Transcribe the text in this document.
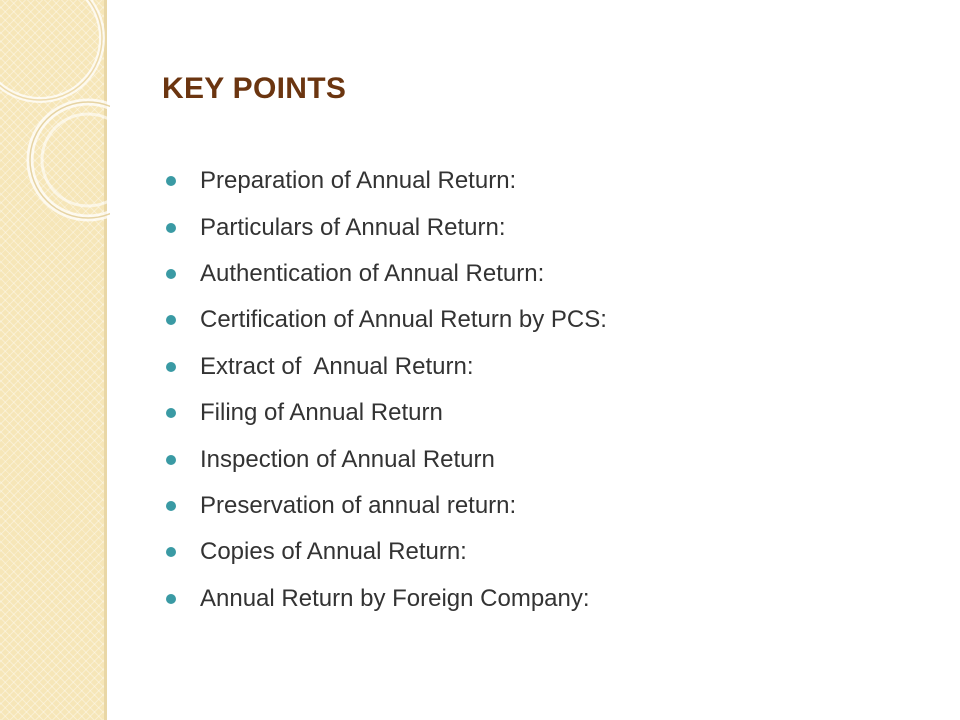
KEY POINTS
Preparation of Annual Return:
Particulars of Annual Return:
Authentication of Annual Return:
Certification of Annual Return by PCS:
Extract of  Annual Return:
Filing of Annual Return
Inspection of Annual Return
Preservation of annual return:
Copies of Annual Return:
Annual Return by Foreign Company:
